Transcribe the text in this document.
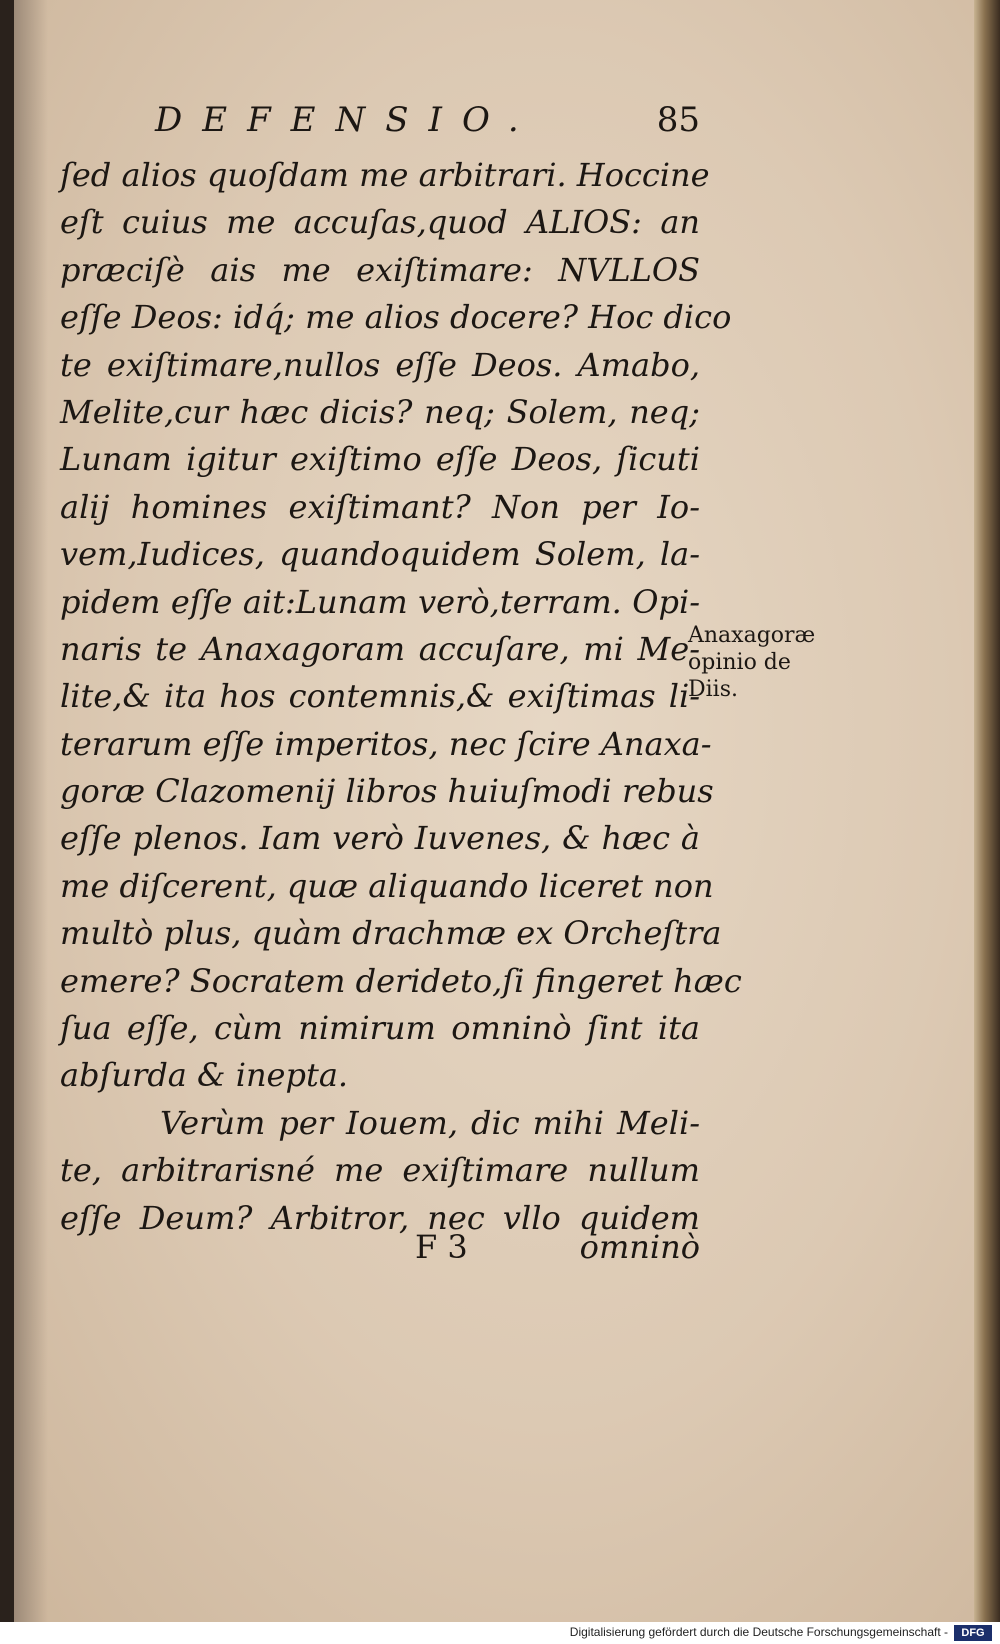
DEFENSIO.	85
ſed alios quoſdam me arbitrari. Hoccine
eſt cuius me accuſas,quod ALIOS: an
præciſè ais me exiſtimare: NVLLOS
eſſe Deos: idq́; me alios docere? Hoc dico
te exiſtimare,nullos eſſe Deos. Amabo,
Melite,cur hæc dicis? neq; Solem, neq;
Lunam igitur exiſtimo eſſe Deos, ſicuti
alij homines exiſtimant? Non per Io-
vem,Iudices, quandoquidem Solem, la-
pidem eſſe ait:Lunam verò,terram. Opi-
naris te Anaxagoram accuſare, mi Me-
lite,& ita hos contemnis,& exiſtimas li-
terarum eſſe imperitos, nec ſcire Anaxa-
goræ Clazomenij libros huiuſmodi rebus
eſſe plenos. Iam verò Iuvenes, & hæc à
me diſcerent, quæ aliquando liceret non
multò plus, quàm drachmæ ex Orcheſtra
emere? Socratem derideto,ſi fingeret hæc
ſua eſſe, cùm nimirum omninò ſint ita
abſurda & inepta.
Verùm per Iouem, dic mihi Meli-
te, arbitrarisné me exiſtimare nullum
eſſe Deum? Arbitror, nec vllo quidem
F 3	omninò
Anaxagoræ
opinio de
Diis.
Digitalisierung gefördert durch die Deutsche Forschungsgemeinschaft -	DFG
